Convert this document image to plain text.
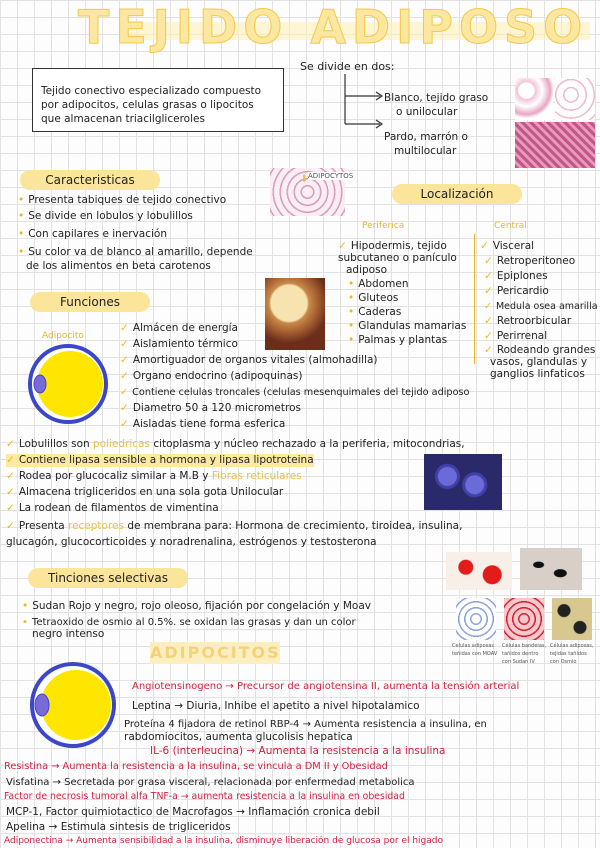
TEJIDO ADIPOSO
Tejido conectivo especializado compuesto
por adipocitos, celulas grasas o lipocitos
que almacenan triacilgliceroles
Se divide en dos:
Blanco, tejido graso
o unilocular
Pardo, marrón o
multilocular
Caracteristicas
• Presenta tabiques de tejido conectivo
• Se divide en lobulos y lobulillos
• Con capilares e inervación
• Su color va de blanco al amarillo, depende
de los alimentos en beta carotenos
ADIPOCYTOS
⬇
Localización
Periferica	Central
✓ Hipodermis, tejido
subcutaneo o panículo
adiposo
• Abdomen
• Gluteos
• Caderas
• Glandulas mamarias
• Palmas y plantas
✓ Visceral
✓ Retroperitoneo
✓ Epiplones
✓ Pericardio
✓ Medula osea amarilla
✓ Retroorbicular
✓ Perirrenal
✓ Rodeando grandes
vasos, glandulas y
ganglios linfaticos
Funciones
Adipocito
✓ Almácen de energía
✓ Aislamiento térmico
✓ Amortiguador de organos vitales (almohadilla)
✓ Organo endocrino (adipoquinas)
✓ Contiene celulas troncales (celulas mesenquimales del tejido adiposo
✓ Diametro 50 a 120 micrometros
✓ Aisladas tiene forma esferica
✓ Lobulillos son poliedricas citoplasma y núcleo rechazado a la periferia, mitocondrias,
✓ Contiene lipasa sensible a hormona y lipasa lipotroteina
✓ Rodea por glucocaliz similar a M.B y Fibras reticulares
✓ Almacena trigliceridos en una sola gota Unilocular
✓ La rodean de filamentos de vimentina
✓ Presenta receptores de membrana para: Hormona de crecimiento, tiroidea, insulina,
glucagón, glucocorticoides y noradrenalina, estrógenos y testosterona
Tinciones selectivas
• Sudan Rojo y negro, rojo oleoso, fijación por congelación y Moav
• Tetraoxido de osmio al 0.5%. se oxidan las grasas y dan un color
negro intenso
Celulas adiposas teñidas con MOAV
Células bandeias, tañidos dentro con Sudan IV
Células adiposas, tejidas tañidos con Osmio
ADIPOCITOS
Angiotensinogeno → Precursor de angiotensina II, aumenta la tensión arterial
Leptina → Diuria, Inhibe el apetito a nivel hipotalamico
Proteína 4 fijadora de retinol RBP-4 → Aumenta resistencia a insulina, en
rabdomiocitos, aumenta glucolisis hepatica
IL-6 (interleucina) → Aumenta la resistencia a la insulina
Resistina → Aumenta la resistencia a la insulina, se vincula a DM II y Obesidad
Visfatina → Secretada por grasa visceral, relacionada por enfermedad metabolica
Factor de necrosis tumoral alfa TNF-a → aumenta resistencia a la insulina en obesidad
MCP-1, Factor quimiotactico de Macrofagos → Inflamación cronica debil
Apelina → Estimula sintesis de trigliceridos
Adiponectina → Aumenta sensibilidad a la insulina, disminuye liberación de glucosa por el higado
